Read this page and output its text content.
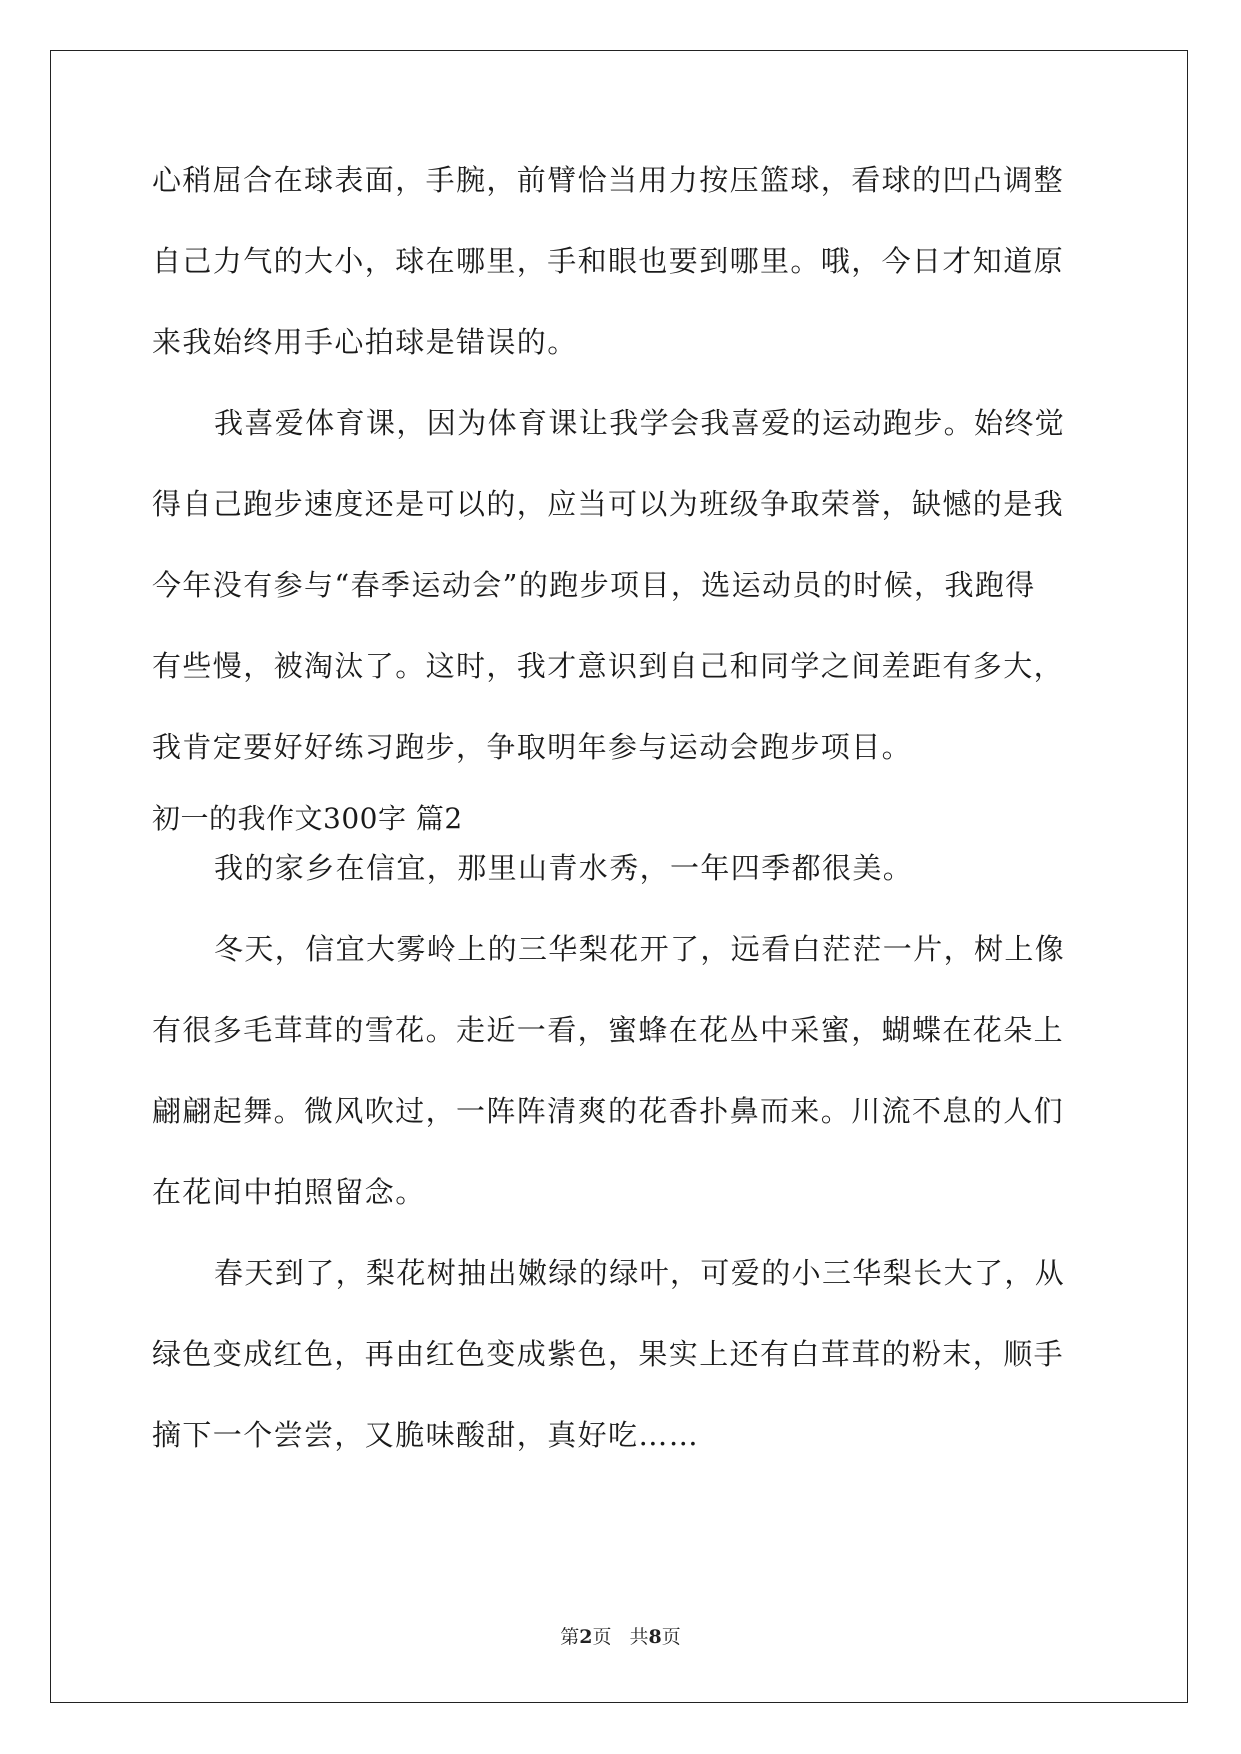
心稍屈合在球表面，手腕，前臂恰当用力按压篮球，看球的凹凸调整
自己力气的大小，球在哪里，手和眼也要到哪里。哦，今日才知道原
来我始终用手心拍球是错误的。
我喜爱体育课，因为体育课让我学会我喜爱的运动跑步。始终觉
得自己跑步速度还是可以的，应当可以为班级争取荣誉，缺憾的是我
今年没有参与“春季运动会”的跑步项目，选运动员的时候，我跑得
有些慢，被淘汰了。这时，我才意识到自己和同学之间差距有多大，
我肯定要好好练习跑步，争取明年参与运动会跑步项目。
初一的我作文300字 篇2
我的家乡在信宜，那里山青水秀，一年四季都很美。
冬天，信宜大雾岭上的三华梨花开了，远看白茫茫一片，树上像
有很多毛茸茸的雪花。走近一看，蜜蜂在花丛中采蜜，蝴蝶在花朵上
翩翩起舞。微风吹过，一阵阵清爽的花香扑鼻而来。川流不息的人们
在花间中拍照留念。
春天到了，梨花树抽出嫩绿的绿叶，可爱的小三华梨长大了，从
绿色变成红色，再由红色变成紫色，果实上还有白茸茸的粉末，顺手
摘下一个尝尝，又脆味酸甜，真好吃……
第2页 共8页
